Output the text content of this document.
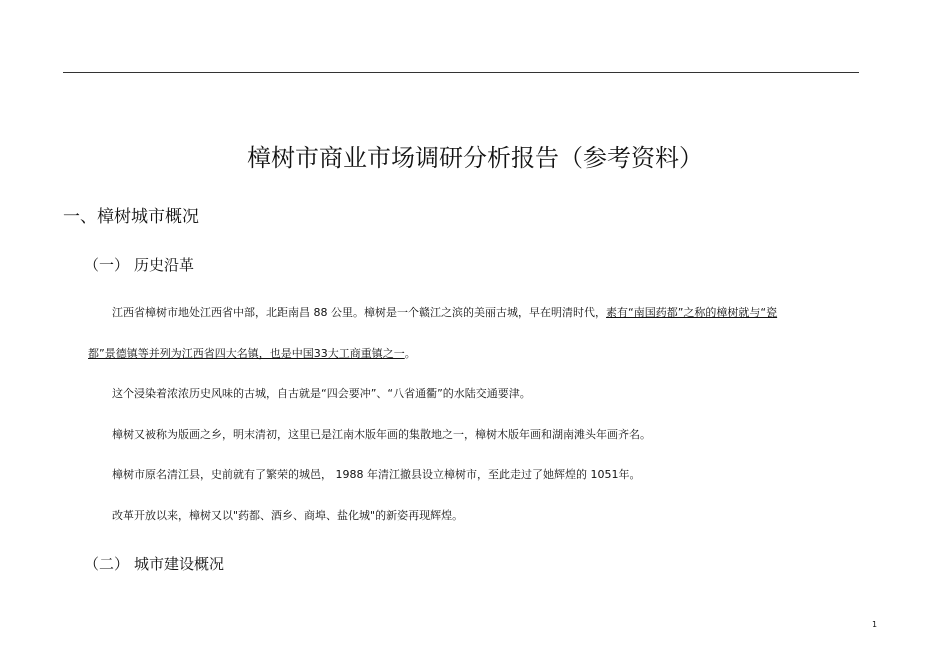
樟树市商业市场调研分析报告（参考资料）
一、樟树城市概况
（一） 历史沿革
江西省樟树市地处江西省中部，北距南昌 88 公里。樟树是一个赣江之滨的美丽古城，早在明清时代，素有“南国药都”之称的樟树就与“瓷
都”景德镇等并列为江西省四大名镇，也是中国33大工商重镇之一。
这个浸染着浓浓历史风味的古城，自古就是“四会要冲”、“八省通衢”的水陆交通要津。
樟树又被称为版画之乡，明末清初，这里已是江南木版年画的集散地之一，樟树木版年画和湖南滩头年画齐名。
樟树市原名清江县，史前就有了繁荣的城邑， 1988 年清江撤县设立樟树市，至此走过了她辉煌的 1051年。
改革开放以来，樟树又以"药都、酒乡、商埠、盐化城"的新姿再现辉煌。
（二） 城市建设概况
1
